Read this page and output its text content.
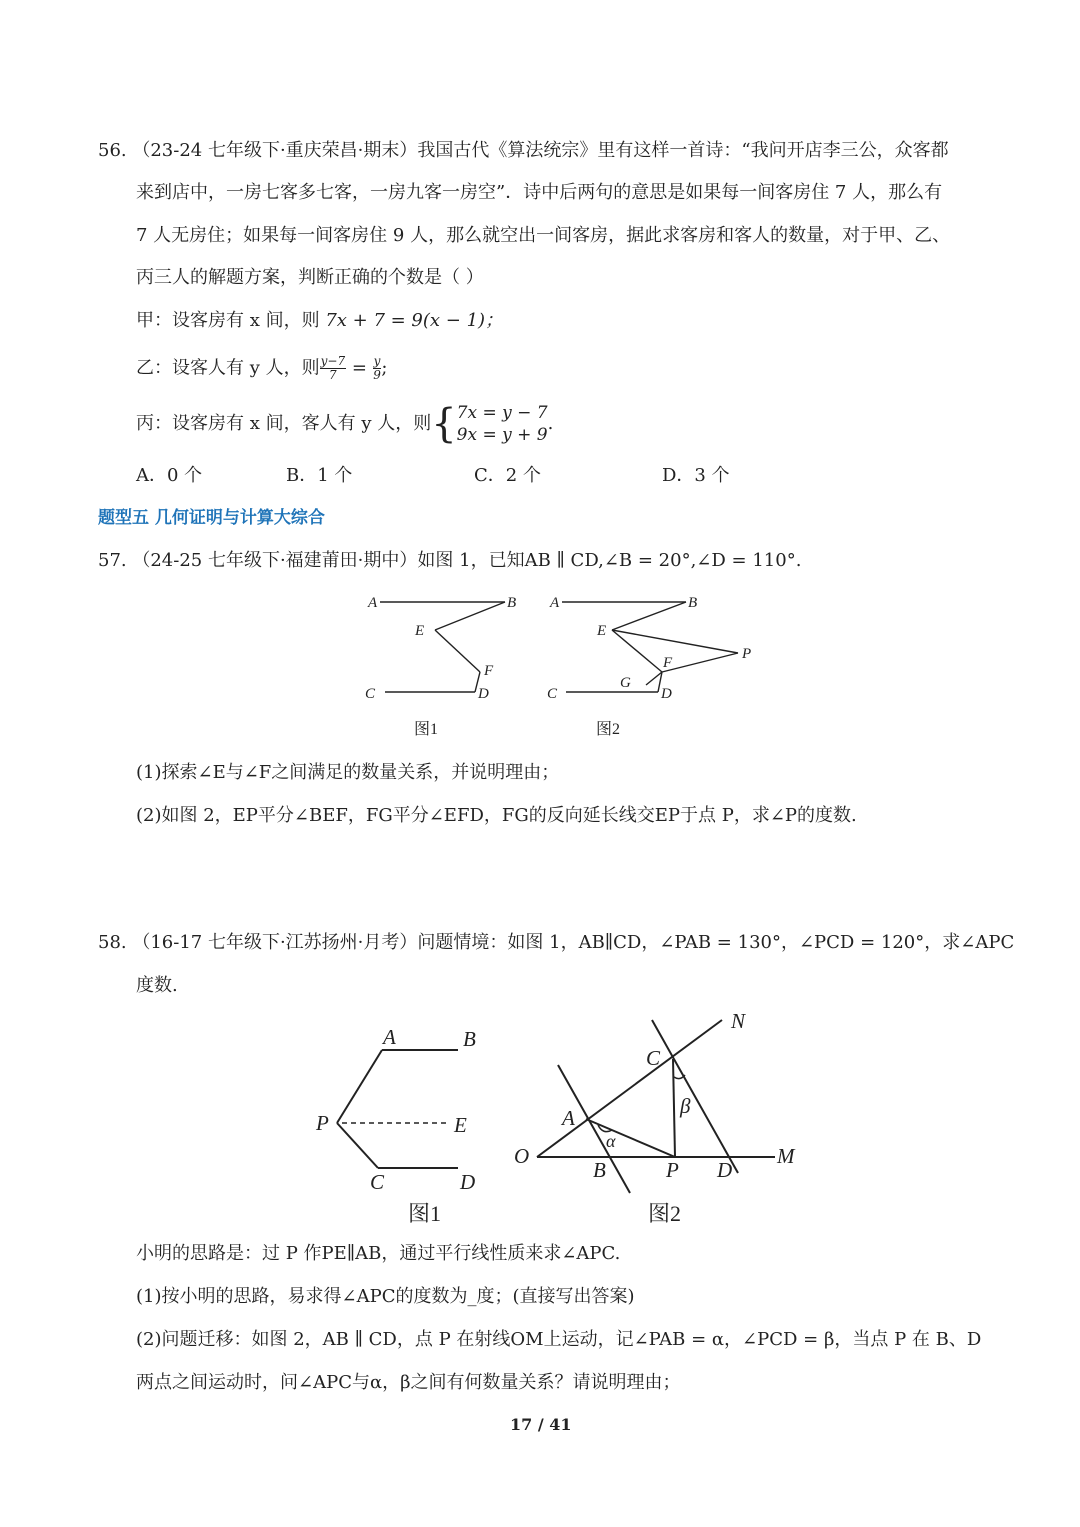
56. （23-24 七年级下·重庆荣昌·期末）我国古代《算法统宗》里有这样一首诗：“我问开店李三公，众客都
来到店中，一房七客多七客，一房九客一房空”．诗中后两句的意思是如果每一间客房住 7 人，那么有
7 人无房住；如果每一间客房住 9 人，那么就空出一间客房，据此求客房和客人的数量，对于甲、乙、
丙三人的解题方案，判断正确的个数是（ ）
甲：设客房有 x 间，则 7x + 7 = 9(x − 1)；
乙：设客人有 y 人，则 $\frac{y-7}{7} = \frac{y}{9}$ ;
丙：设客房有 x 间，客人有 y 人，则{ 7x = y − 7
9x = y + 9
.
A．0 个	B．1 个	C．2 个	D．3 个
题型五 几何证明与计算大综合
57. （24-25 七年级下·福建莆田·期中）如图 1，已知AB ∥ CD,∠B = 20°,∠D = 110°.
A	B
E
F
D
C
图1
A	B
E
F
P
G
D
C
图2
(1)探索∠E与∠F之间满足的数量关系，并说明理由；
(2)如图 2，EP平分∠BEF，FG平分∠EFD，FG的反向延长线交EP于点 P，求∠P的度数.
58. （16-17 七年级下·江苏扬州·月考）问题情境：如图 1，AB∥CD，∠PAB = 130°，∠PCD = 120°，求∠APC
度数.
A	B
P	E
C	D
图1
N
C
β
A
α
O
B	P D
M
图2
小明的思路是：过 P 作PE∥AB，通过平行线性质来求∠APC.
(1)按小明的思路，易求得∠APC的度数为_度；(直接写出答案)
(2)问题迁移：如图 2，AB ∥ CD，点 P 在射线OM上运动，记∠PAB = α，∠PCD = β，当点 P 在 B、D
两点之间运动时，问∠APC与α，β之间有何数量关系？请说明理由；
17 / 41
